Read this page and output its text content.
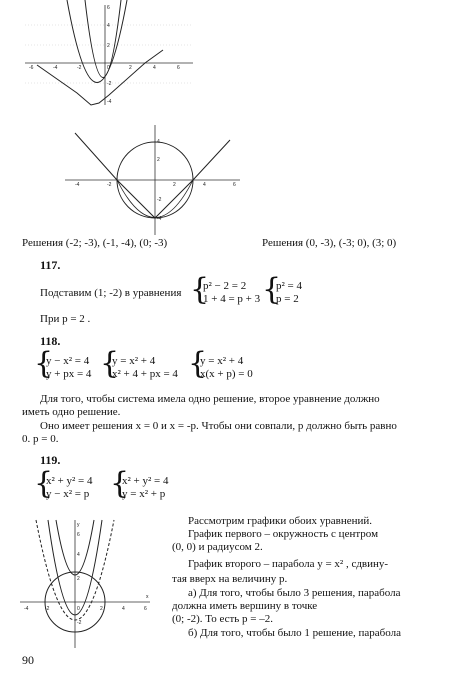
-6	-4	-2	0	2	4	6
6
4
2
-2
-4
-4	-2	2	4	6
4
2
-2
-4
Решения (-2; -3), (-1, -4), (0; -3)	Решения (0, -3), (-3; 0), (3; 0)
117.
Подставим (1; -2) в уравнения {
p² − 2 = 2
1 + 4 = p + 3 {
p² = 4
p = 2
При p = 2 .
118.
{
y − x² = 4
y + px = 4 {
y = x² + 4
x² + 4 + px = 4 {
y = x² + 4
x(x + p) = 0
Для того, чтобы система имела одно решение, второе уравнение должно
иметь одно решение.
Оно имеет решения x = 0 и x = -p. Чтобы они совпали, p должно быть равно
0. p = 0.
119.
{
x² + y² = 4
y − x² = p {
x² + y² = 4
y = x² + p
y
x
-4	-2	0	2	4	6
6
4
2
-2
Рассмотрим графики обоих уравнений.
График первого – окружность с центром
(0, 0) и радиусом 2.
График второго – парабола y = x² , сдвину-
тая вверх на величину p.
а) Для того, чтобы было 3 решения, парабола
должна иметь вершину в точке
(0; -2). То есть p = –2.
б) Для того, чтобы было 1 решение, парабола
90
